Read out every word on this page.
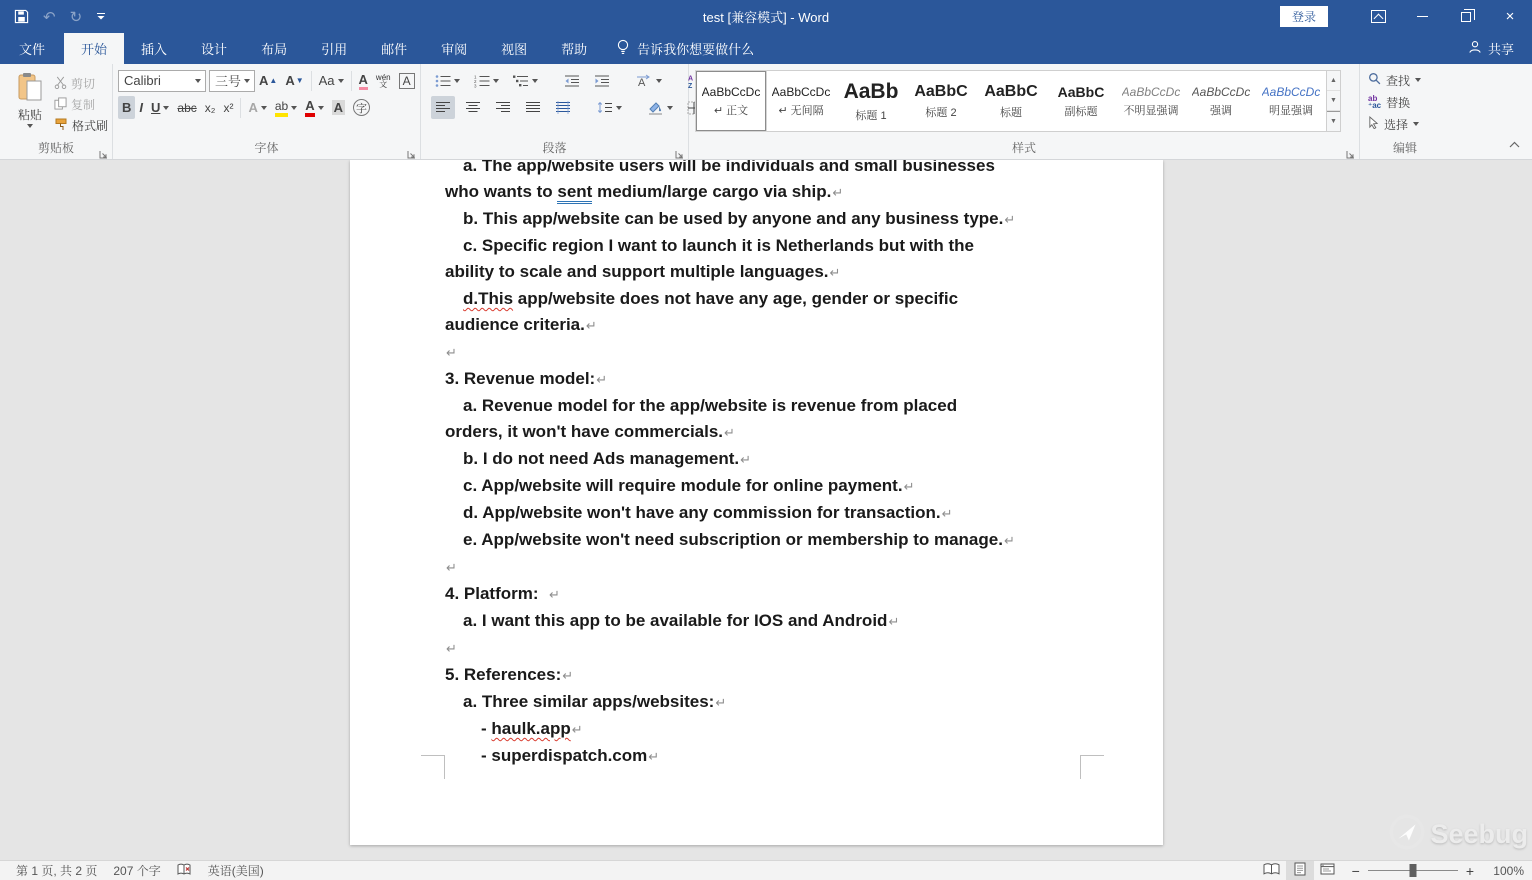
↶ ↻	test [兼容模式] - Word	登录	×
文件	开始	插入	设计	布局	引用	邮件	审阅	视图	帮助	告诉我你想要做什么	共享
粘贴
剪切
复制
格式刷
剪贴板
Calibri	三号 A ▲ A ▼ Aa A wén
文	A
B I U abc x₂ x² A ab A A 字
字体
1
2
3	A	A
Z
段落
AaBbCcDc
↵ 正文
AaBbCcDc
↵ 无间隔
AaBb
标题 1
AaBbC
标题 2
AaBbC
标题
AaBbC
副标题
AaBbCcDc
不明显强调
AaBbCcDc
强调
AaBbCcDc
明显强调
▲
▼
▼
样式
查找
ab
⁺ac 替换
选择
编辑
a. The app/website users will be individuals and small businesses
who wants to sent medium/large cargo via ship.↵
b. This app/website can be used by anyone and any business type.↵
c. Specific region I want to launch it is Netherlands but with the
ability to scale and support multiple languages.↵
d.This app/website does not have any age, gender or specific
audience criteria.↵
↵
3. Revenue model:↵
a. Revenue model for the app/website is revenue from placed
orders, it won't have commercials.↵
b. I do not need Ads management.↵
c. App/website will require module for online payment.↵
d. App/website won't have any commission for transaction.↵
e. App/website won't need subscription or membership to manage.↵
↵
4. Platform:  ↵
a. I want this app to be available for IOS and Android↵
↵
5. References:↵
a. Three similar apps/websites:↵
- haulk.app↵
- superdispatch.com↵
Seebug
第 1 页, 共 2 页 207 个字	英语(美国)	−	+	100%
